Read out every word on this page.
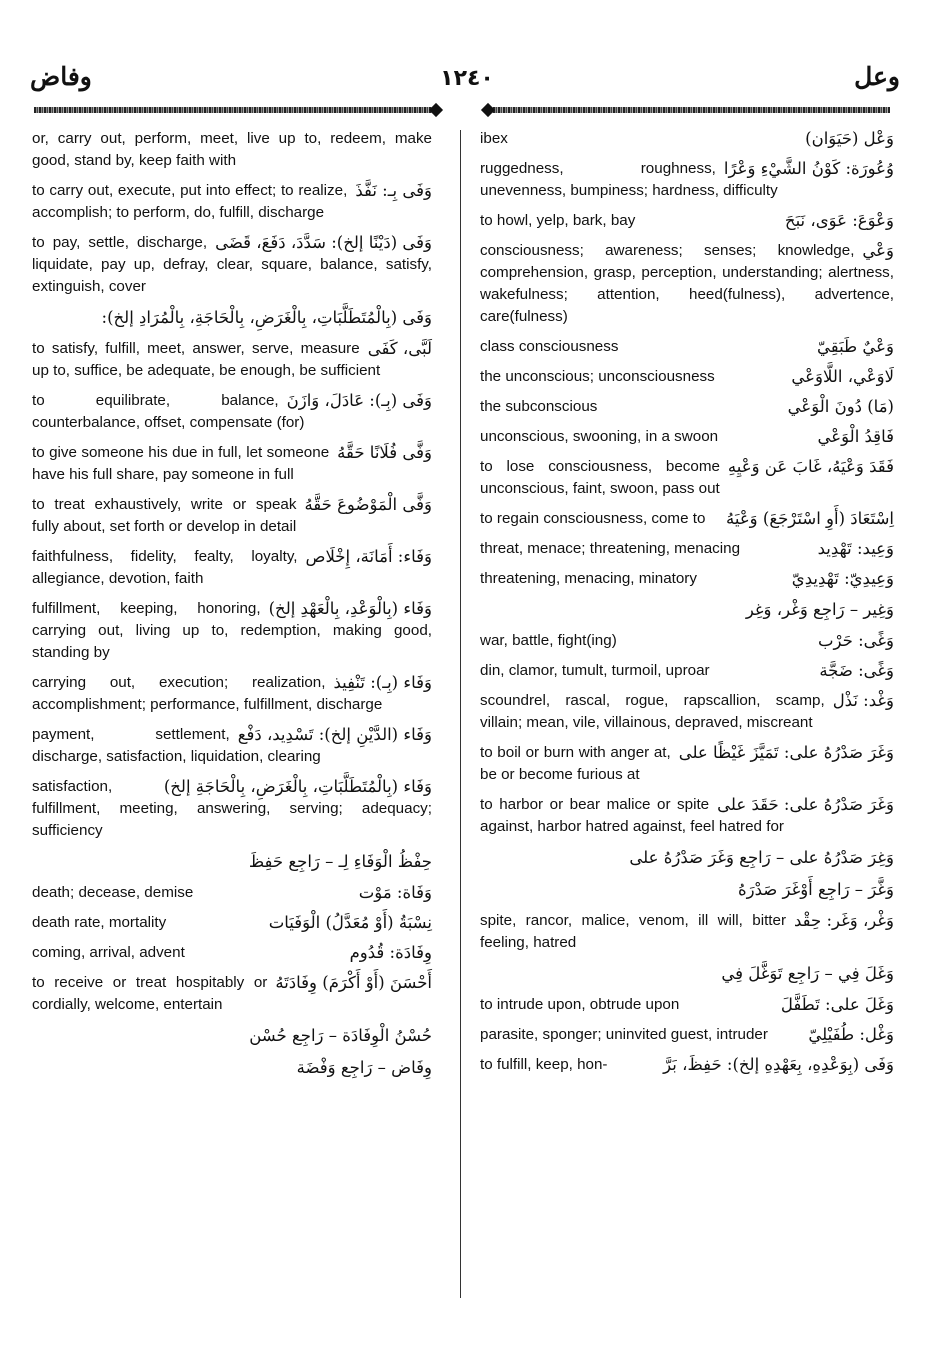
وفاض	١٢٤٠	وعل
or, carry out, perform, meet, live up to, redeem, make good, stand by, keep faith with
وَفَى بِـ: نَفَّذَ
to carry out, execute, put into effect; to realize, accomplish; to perform, do, fulfill, discharge
وَفَى (دَيْنًا إلخ): سَدَّدَ، دَفَعَ، قَضَى
to pay, settle, discharge, liquidate, pay up, defray, clear, square, balance, satisfy, extinguish, cover
وَفَى (بِالْمُتَطَلَّبَاتِ، بِالْغَرَضِ، بِالْحَاجَةِ، بِالْمُرَادِ إلخ):
لَبَّى، كَفَى
to satisfy, fulfill, meet, answer, serve, measure up to, suffice, be adequate, be enough, be sufficient
وَفَى (بِـ): عَادَلَ، وَازَنَ
to equilibrate, balance, counterbalance, offset, compensate (for)
وَفَّى فُلَانًا حَقَّهُ
to give someone his due in full, let someone have his full share, pay someone in full
وَفَّى الْمَوْضُوعَ حَقَّهُ
to treat exhaustively, write or speak fully about, set forth or develop in detail
وَفَاء: أَمَانَة، إِخْلَاص
faithfulness, fidelity, fealty, loyalty, allegiance, devotion, faith
وَفَاء (بِالْوَعْدِ، بِالْعَهْدِ إلخ)
fulfillment, keeping, honoring, carrying out, living up to, redemption, making good, standing by
وَفَاء (بِـ): تَنْفِيذ
carrying out, execution; realization, accomplishment; performance, fulfillment, discharge
وَفَاء (الدَّيْنِ إلخ): تَسْدِيد، دَفْع
payment, settlement, discharge, satisfaction, liquidation, clearing
وَفَاء (بِالْمُتَطَلَّبَاتِ، بِالْغَرَضِ، بِالْحَاجَةِ إلخ)
satisfaction, fulfillment, meeting, answering, serving; adequacy; sufficiency
حِفْظُ الْوَفَاءِ لِـ – رَاجِع حَفِظَ
وَفَاة: مَوْت
death; decease, demise
نِسْبَةُ (أَوْ مُعَدَّلُ) الْوَفَيَات
death rate, mortality
وِفَادَة: قُدُوم
coming, arrival, advent
أَحْسَنَ (أَوْ أَكْرَمَ) وِفَادَتَهُ
to receive or treat hospitably or cordially, welcome, entertain
حُسْنُ الْوِفَادَة – رَاجِع حُسْن
وِفَاض – رَاجِع وَفْضَة
وَعْل (حَيَوَان)
ibex
وُعُورَة: كَوْنُ الشَّيْءِ وَعْرًا
ruggedness, roughness, unevenness, bumpiness; hardness, difficulty
وَعْوَعَ: عَوَى، نَبَحَ
to howl, yelp, bark, bay
وَعْي
consciousness; awareness; senses; knowledge, comprehension, grasp, perception, understanding; alertness, wakefulness; attention, heed(fulness), advertence, care(fulness)
وَعْيٌ طَبَقِيّ
class consciousness
لَاوَعْي، اللَّاوَعْي
the unconscious; unconsciousness
(مَا) دُونَ الْوَعْي
the subconscious
فَاقِدُ الْوَعْي
unconscious, swooning, in a swoon
فَقَدَ وَعْيَهُ، غَابَ عَن وَعْيِهِ
to lose consciousness, become unconscious, faint, swoon, pass out
اِسْتَعَادَ (أَوِ اسْتَرْجَعَ) وَعْيَهُ
to regain consciousness, come to
وَعِيد: تَهْدِيد
threat, menace; threatening, menacing
وَعِيدِيّ: تَهْدِيدِيّ
threatening, menacing, minatory
وَغِير – رَاجِع وَغْر، وَغِر
وَغًى: حَرْب
war, battle, fight(ing)
وَغًى: ضَجَّة
din, clamor, tumult, turmoil, uproar
وَغْد: نَذْل
scoundrel, rascal, rogue, rapscallion, scamp, villain; mean, vile, villainous, depraved, miscreant
وَغَرَ صَدْرُهُ على: تَمَيَّزَ غَيْظًا على
to boil or burn with anger at, be or become furious at
وَغَرَ صَدْرُهُ على: حَقَدَ على
to harbor or bear malice or spite against, harbor hatred against, feel hatred for
وَغِرَ صَدْرُهُ على – رَاجِع وَغَرَ صَدْرُهُ على
وَغَّرَ – رَاجِع أَوْغَرَ صَدْرَهُ
وَغْر، وَغَر: حِقْد
spite, rancor, malice, venom, ill will, bitter feeling, hatred
وَغَلَ فِي – رَاجِع تَوَغَّلَ فِي
وَغَلَ على: تَطَفَّلَ
to intrude upon, obtrude upon
وَغْل: طُفَيْلِيّ
parasite, sponger; uninvited guest, intruder
وَفَى (بِوَعْدِهِ، بِعَهْدِهِ إلخ): حَفِظَ، بَرَّ
to fulfill, keep, hon-
